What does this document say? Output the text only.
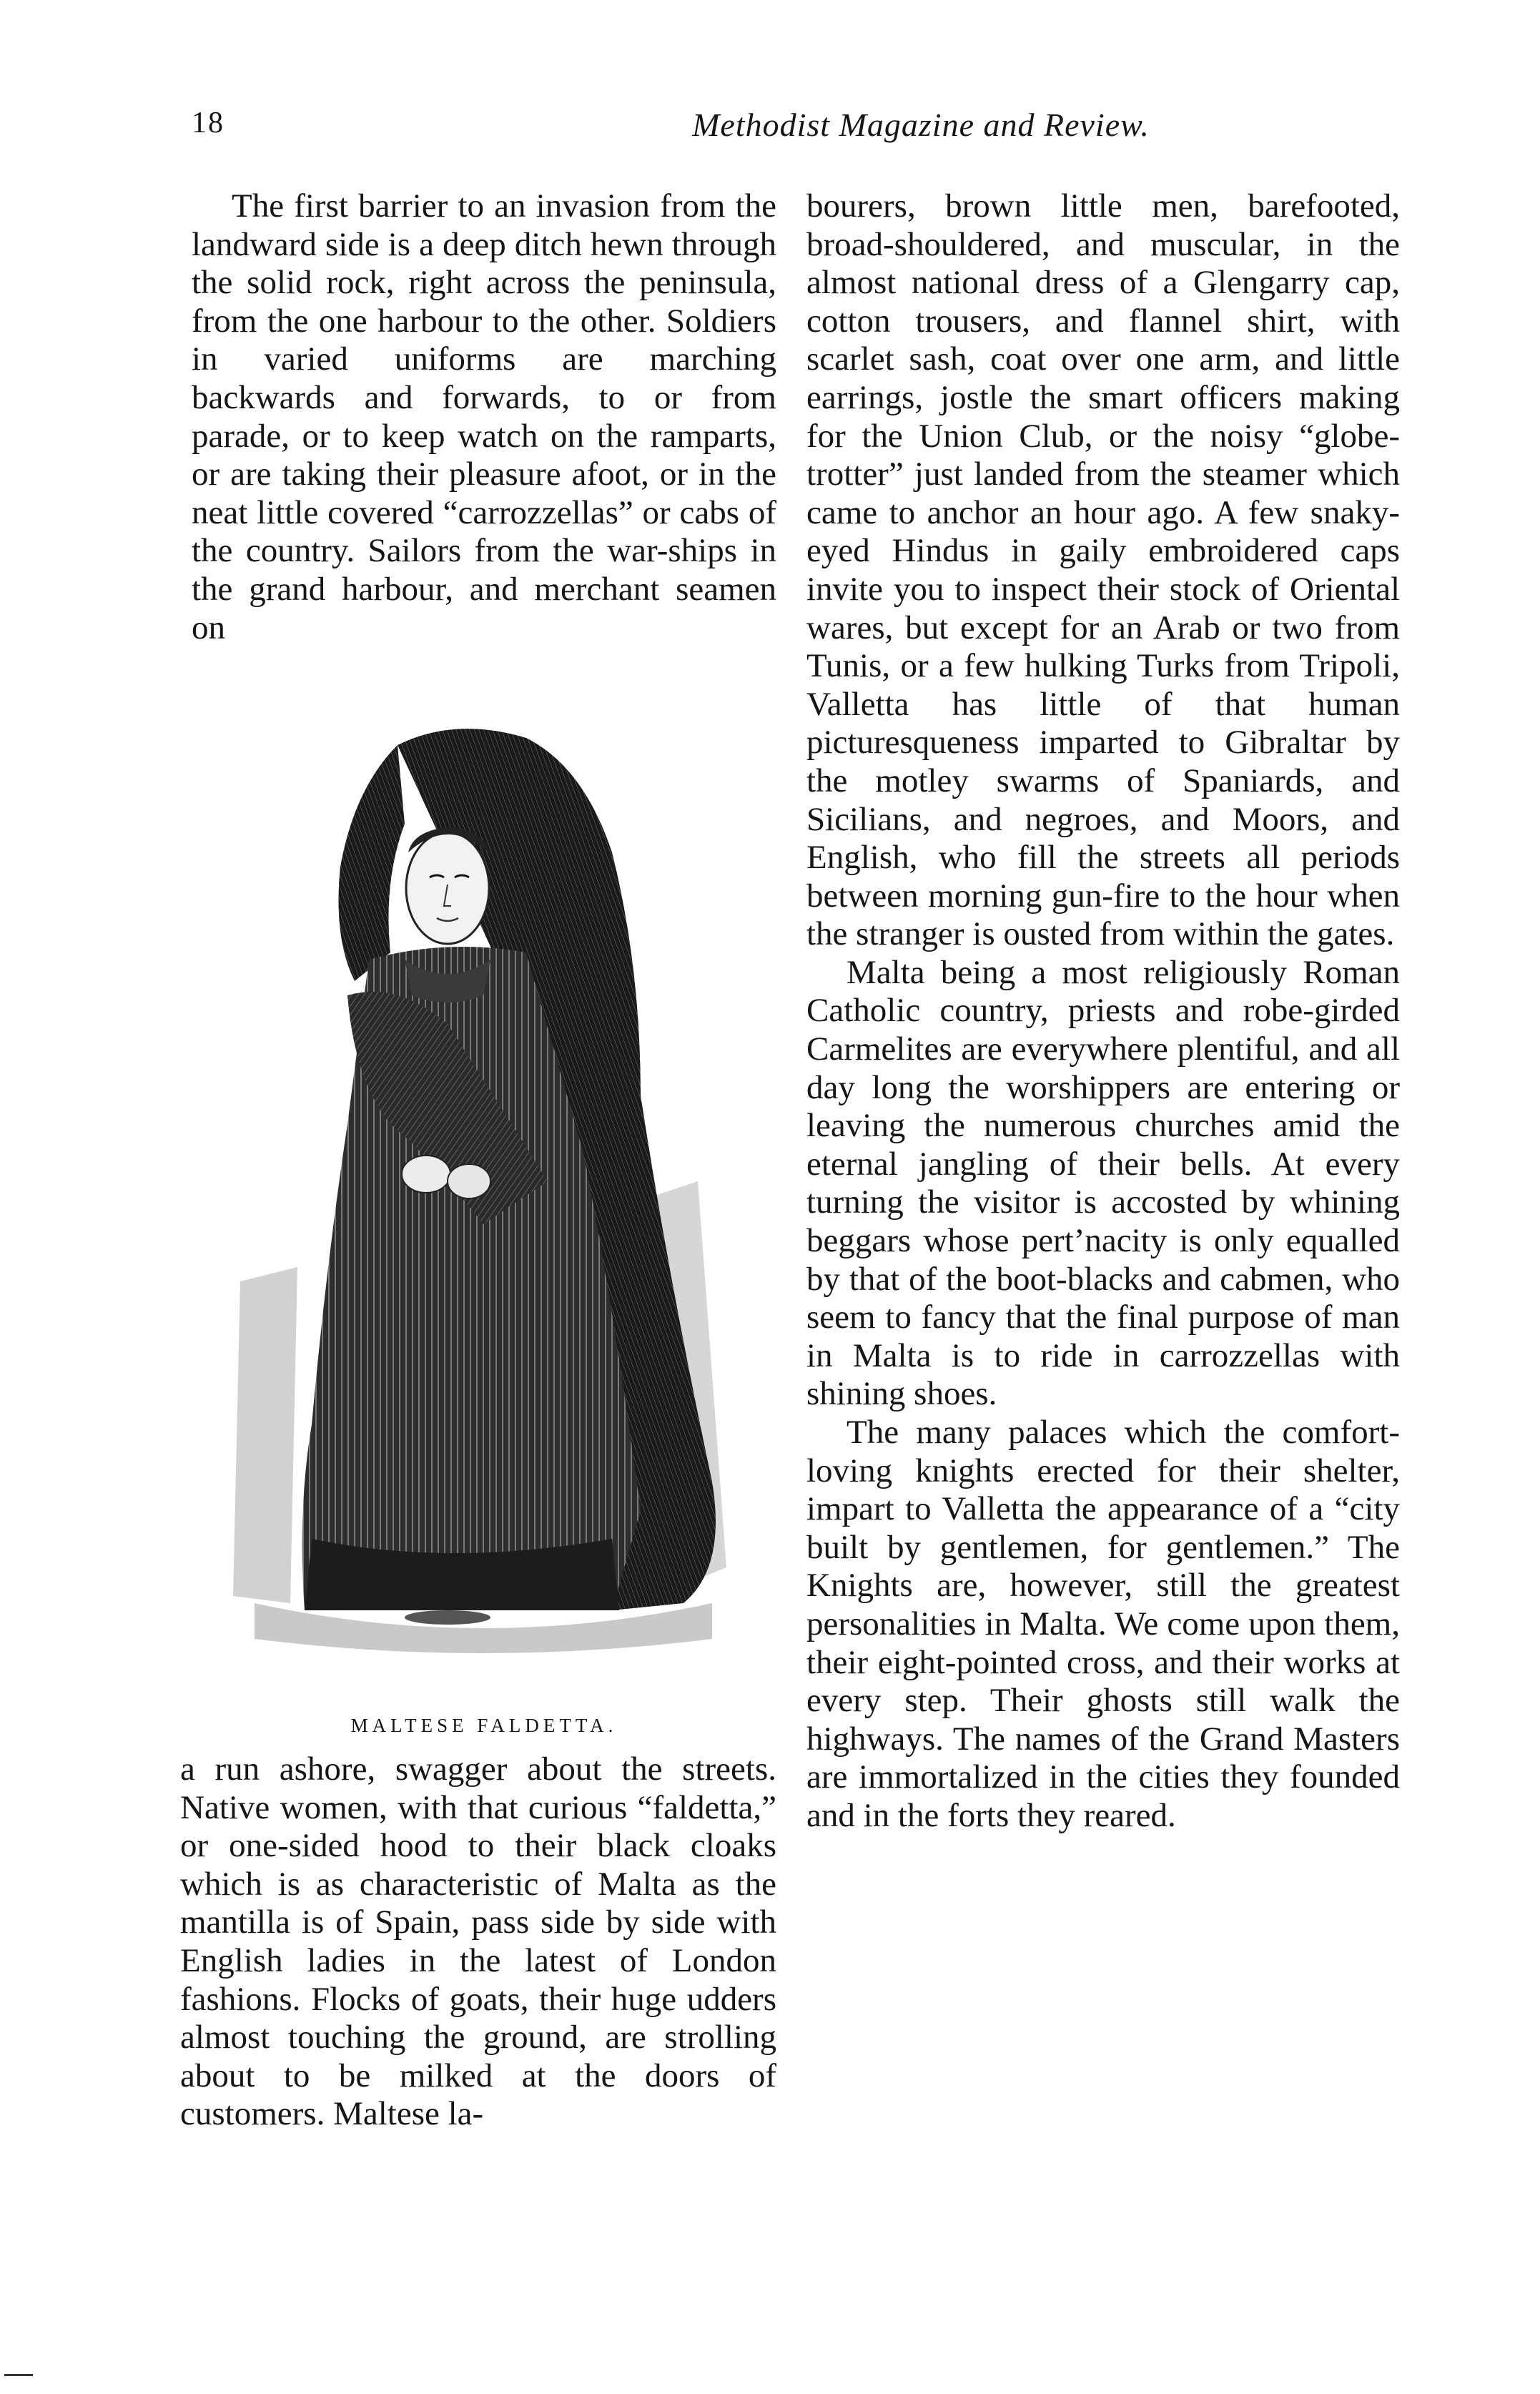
18	Methodist Magazine and Review.

The first barrier to an invasion from the landward side is a deep ditch hewn through the solid rock, right across the peninsula, from the one harbour to the other. Soldiers in varied uniforms are marching backwards and forwards, to or from parade, or to keep watch on the ramparts, or are taking their pleasure afoot, or in the neat little covered “carrozzellas” or cabs of the country. Sailors from the war-ships in the grand harbour, and merchant seamen on

MALTESE FALDETTA.

a run ashore, swagger about the streets. Native women, with that curious “faldetta,” or one-sided hood to their black cloaks which is as characteristic of Malta as the mantilla is of Spain, pass side by side with English ladies in the latest of London fashions. Flocks of goats, their huge udders almost touching the ground, are strolling about to be milked at the doors of customers. Maltese la-

bourers, brown little men, barefooted, broad-shouldered, and muscular, in the almost national dress of a Glengarry cap, cotton trousers, and flannel shirt, with scarlet sash, coat over one arm, and little earrings, jostle the smart officers making for the Union Club, or the noisy “globe-trotter” just landed from the steamer which came to anchor an hour ago. A few snaky-eyed Hindus in gaily embroidered caps invite you to inspect their stock of Oriental wares, but except for an Arab or two from Tunis, or a few hulking Turks from Tripoli, Valletta has little of that human picturesqueness imparted to Gibraltar by the motley swarms of Spaniards, and Sicilians, and negroes, and Moors, and English, who fill the streets all periods between morning gun-fire to the hour when the stranger is ousted from within the gates.

Malta being a most religiously Roman Catholic country, priests and robe-girded Carmelites are everywhere plentiful, and all day long the worshippers are entering or leaving the numerous churches amid the eternal jangling of their bells. At every turning the visitor is accosted by whining beggars whose pert’nacity is only equalled by that of the boot-blacks and cabmen, who seem to fancy that the final purpose of man in Malta is to ride in carrozzellas with shining shoes.

The many palaces which the comfort-loving knights erected for their shelter, impart to Valletta the appearance of a “city built by gentlemen, for gentlemen.” The Knights are, however, still the greatest personalities in Malta. We come upon them, their eight-pointed cross, and their works at every step. Their ghosts still walk the highways. The names of the Grand Masters are immortalized in the cities they founded and in the forts they reared.
